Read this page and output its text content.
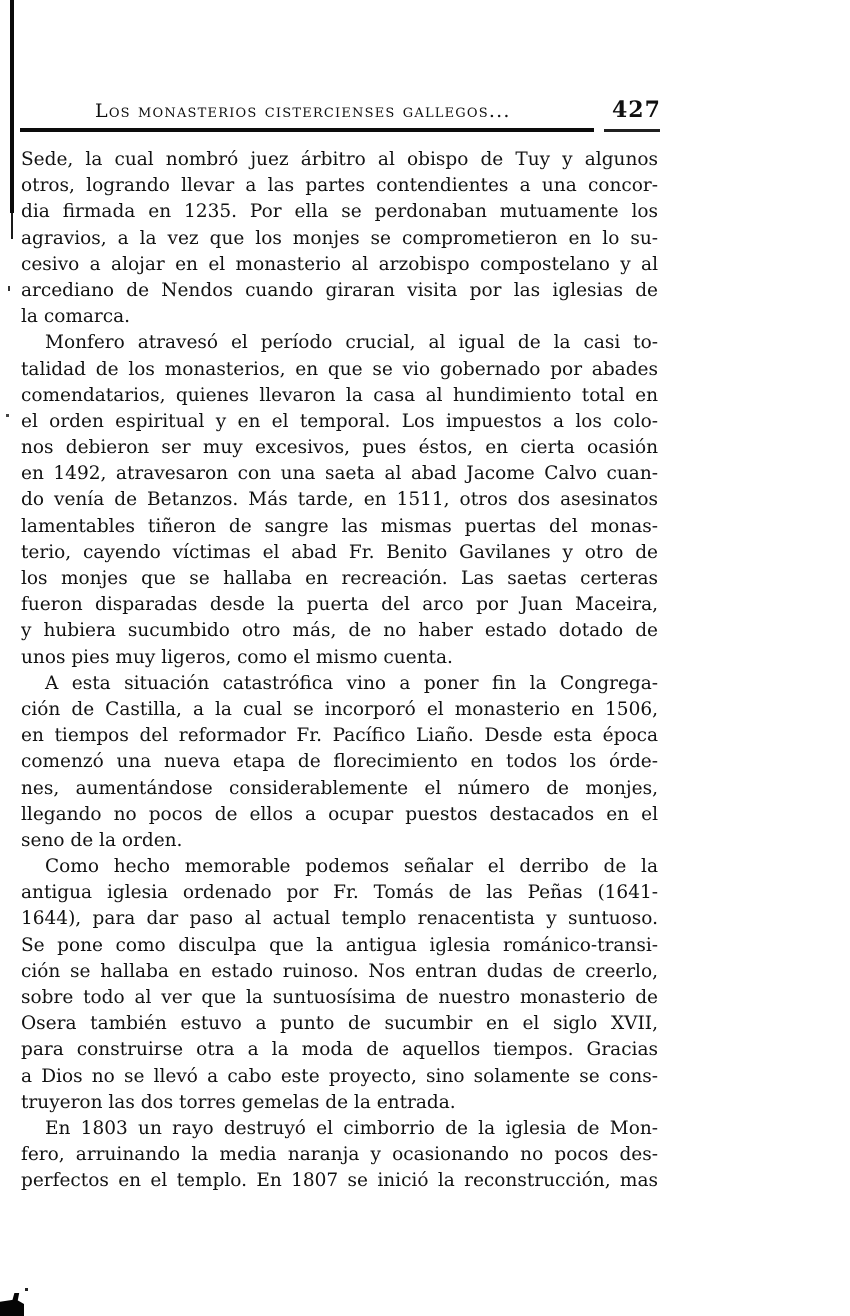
Los monasterios cistercienses gallegos...	427
Sede, la cual nombró juez árbitro al obispo de Tuy y algunos
otros, logrando llevar a las partes contendientes a una concor-
dia firmada en 1235. Por ella se perdonaban mutuamente los
agravios, a la vez que los monjes se comprometieron en lo su-
cesivo a alojar en el monasterio al arzobispo compostelano y al
arcediano de Nendos cuando giraran visita por las iglesias de
la comarca.
Monfero atravesó el período crucial, al igual de la casi to-
talidad de los monasterios, en que se vio gobernado por abades
comendatarios, quienes llevaron la casa al hundimiento total en
el orden espiritual y en el temporal. Los impuestos a los colo-
nos debieron ser muy excesivos, pues éstos, en cierta ocasión
en 1492, atravesaron con una saeta al abad Jacome Calvo cuan-
do venía de Betanzos. Más tarde, en 1511, otros dos asesinatos
lamentables tiñeron de sangre las mismas puertas del monas-
terio, cayendo víctimas el abad Fr. Benito Gavilanes y otro de
los monjes que se hallaba en recreación. Las saetas certeras
fueron disparadas desde la puerta del arco por Juan Maceira,
y hubiera sucumbido otro más, de no haber estado dotado de
unos pies muy ligeros, como el mismo cuenta.
A esta situación catastrófica vino a poner fin la Congrega-
ción de Castilla, a la cual se incorporó el monasterio en 1506,
en tiempos del reformador Fr. Pacífico Liaño. Desde esta época
comenzó una nueva etapa de florecimiento en todos los órde-
nes, aumentándose considerablemente el número de monjes,
llegando no pocos de ellos a ocupar puestos destacados en el
seno de la orden.
Como hecho memorable podemos señalar el derribo de la
antigua iglesia ordenado por Fr. Tomás de las Peñas (1641-
1644), para dar paso al actual templo renacentista y suntuoso.
Se pone como disculpa que la antigua iglesia románico-transi-
ción se hallaba en estado ruinoso. Nos entran dudas de creerlo,
sobre todo al ver que la suntuosísima de nuestro monasterio de
Osera también estuvo a punto de sucumbir en el siglo XVII,
para construirse otra a la moda de aquellos tiempos. Gracias
a Dios no se llevó a cabo este proyecto, sino solamente se cons-
truyeron las dos torres gemelas de la entrada.
En 1803 un rayo destruyó el cimborrio de la iglesia de Mon-
fero, arruinando la media naranja y ocasionando no pocos des-
perfectos en el templo. En 1807 se inició la reconstrucción, mas
